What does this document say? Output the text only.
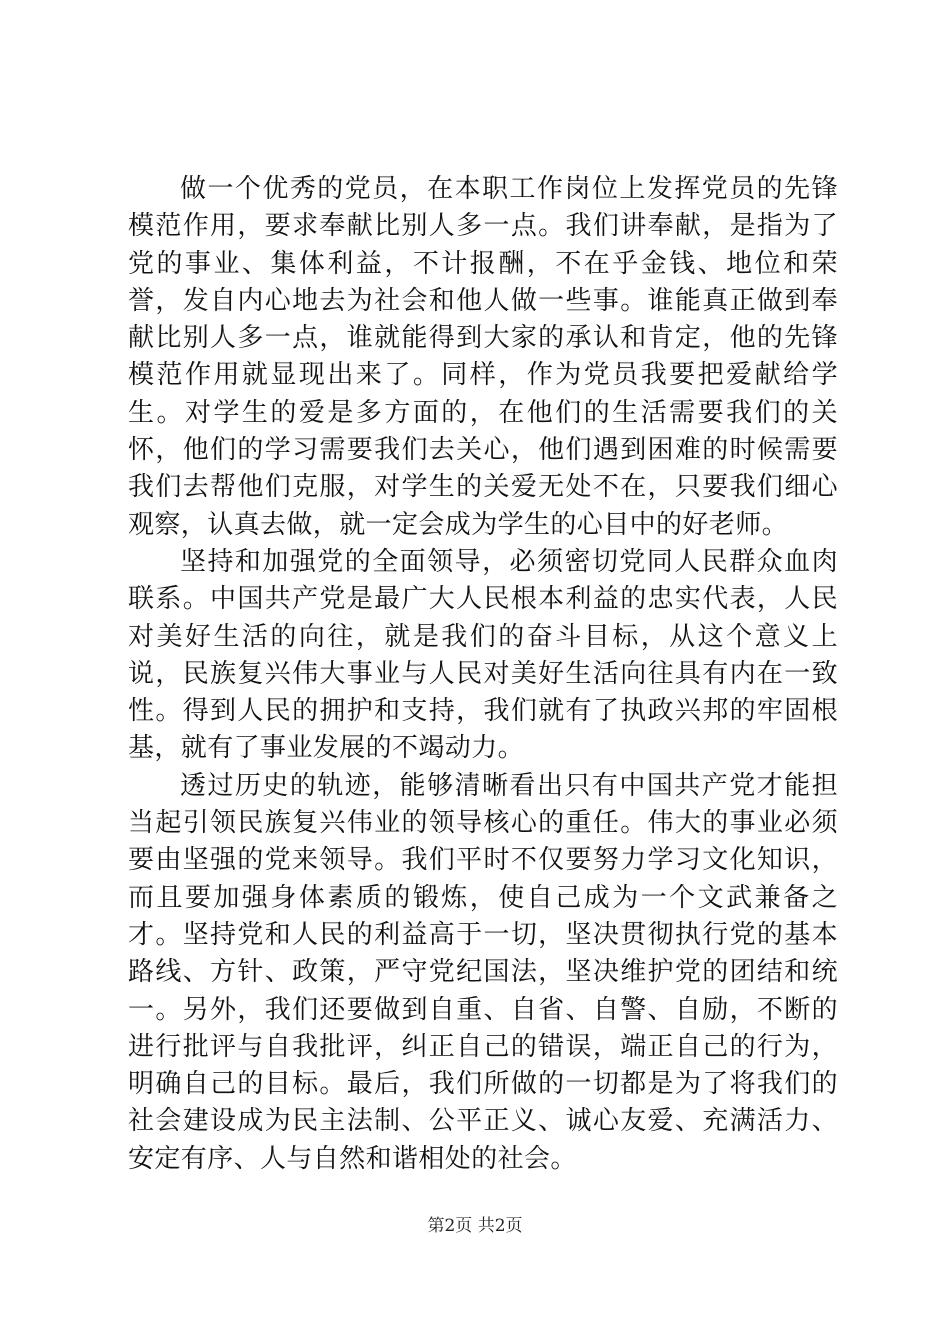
做一个优秀的党员，在本职工作岗位上发挥党员的先锋模范作用，要求奉献比别人多一点。我们讲奉献，是指为了党的事业、集体利益，不计报酬，不在乎金钱、地位和荣誉，发自内心地去为社会和他人做一些事。谁能真正做到奉献比别人多一点，谁就能得到大家的承认和肯定，他的先锋模范作用就显现出来了。同样，作为党员我要把爱献给学生。对学生的爱是多方面的，在他们的生活需要我们的关怀，他们的学习需要我们去关心，他们遇到困难的时候需要我们去帮他们克服，对学生的关爱无处不在，只要我们细心观察，认真去做，就一定会成为学生的心目中的好老师。

坚持和加强党的全面领导，必须密切党同人民群众血肉联系。中国共产党是最广大人民根本利益的忠实代表，人民对美好生活的向往，就是我们的奋斗目标，从这个意义上说，民族复兴伟大事业与人民对美好生活向往具有内在一致性。得到人民的拥护和支持，我们就有了执政兴邦的牢固根基，就有了事业发展的不竭动力。

透过历史的轨迹，能够清晰看出只有中国共产党才能担当起引领民族复兴伟业的领导核心的重任。伟大的事业必须要由坚强的党来领导。我们平时不仅要努力学习文化知识，而且要加强身体素质的锻炼，使自己成为一个文武兼备之才。坚持党和人民的利益高于一切，坚决贯彻执行党的基本路线、方针、政策，严守党纪国法，坚决维护党的团结和统一。另外，我们还要做到自重、自省、自警、自励，不断的进行批评与自我批评，纠正自己的错误，端正自己的行为，明确自己的目标。最后，我们所做的一切都是为了将我们的社会建设成为民主法制、公平正义、诚心友爱、充满活力、安定有序、人与自然和谐相处的社会。

第2页 共2页
